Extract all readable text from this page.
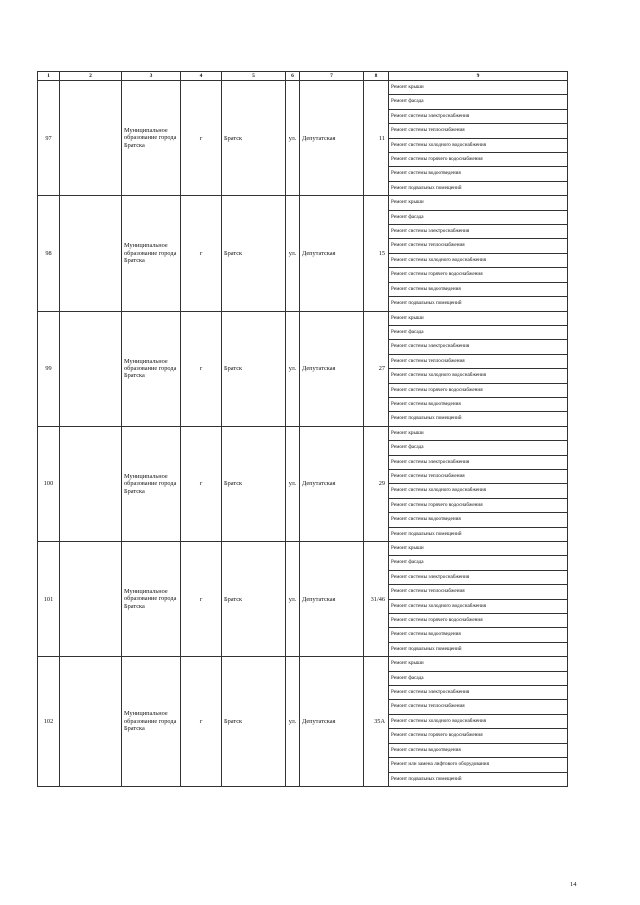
1	2	3	4	5	6	7	8	9
97		Муниципальное образование города Братска	г	Братск	ул.	Депутатская	11	Ремонт крыши
								Ремонт фасада
								Ремонт системы электроснабжения
								Ремонт системы теплоснабжения
								Ремонт системы холодного водоснабжения
								Ремонт системы горячего водоснабжения
								Ремонт системы водоотведения
								Ремонт подвальных помещений
98		Муниципальное образование города Братска	г	Братск	ул.	Депутатская	15	Ремонт крыши
								Ремонт фасада
								Ремонт системы электроснабжения
								Ремонт системы теплоснабжения
								Ремонт системы холодного водоснабжения
								Ремонт системы горячего водоснабжения
								Ремонт системы водоотведения
								Ремонт подвальных помещений
99		Муниципальное образование города Братска	г	Братск	ул.	Депутатская	27	Ремонт крыши
								Ремонт фасада
								Ремонт системы электроснабжения
								Ремонт системы теплоснабжения
								Ремонт системы холодного водоснабжения
								Ремонт системы горячего водоснабжения
								Ремонт системы водоотведения
								Ремонт подвальных помещений
100		Муниципальное образование города Братска	г	Братск	ул.	Депутатская	29	Ремонт крыши
								Ремонт фасада
								Ремонт системы электроснабжения
								Ремонт системы теплоснабжения
								Ремонт системы холодного водоснабжения
								Ремонт системы горячего водоснабжения
								Ремонт системы водоотведения
								Ремонт подвальных помещений
101		Муниципальное образование города Братска	г	Братск	ул.	Депутатская	31/46	Ремонт крыши
								Ремонт фасада
								Ремонт системы электроснабжения
								Ремонт системы теплоснабжения
								Ремонт системы холодного водоснабжения
								Ремонт системы горячего водоснабжения
								Ремонт системы водоотведения
								Ремонт подвальных помещений
102		Муниципальное образование города Братска	г	Братск	ул.	Депутатская	35А	Ремонт крыши
								Ремонт фасада
								Ремонт системы электроснабжения
								Ремонт системы теплоснабжения
								Ремонт системы холодного водоснабжения
								Ремонт системы горячего водоснабжения
								Ремонт системы водоотведения
								Ремонт или замена лифтового оборудования
								Ремонт подвальных помещений
14
